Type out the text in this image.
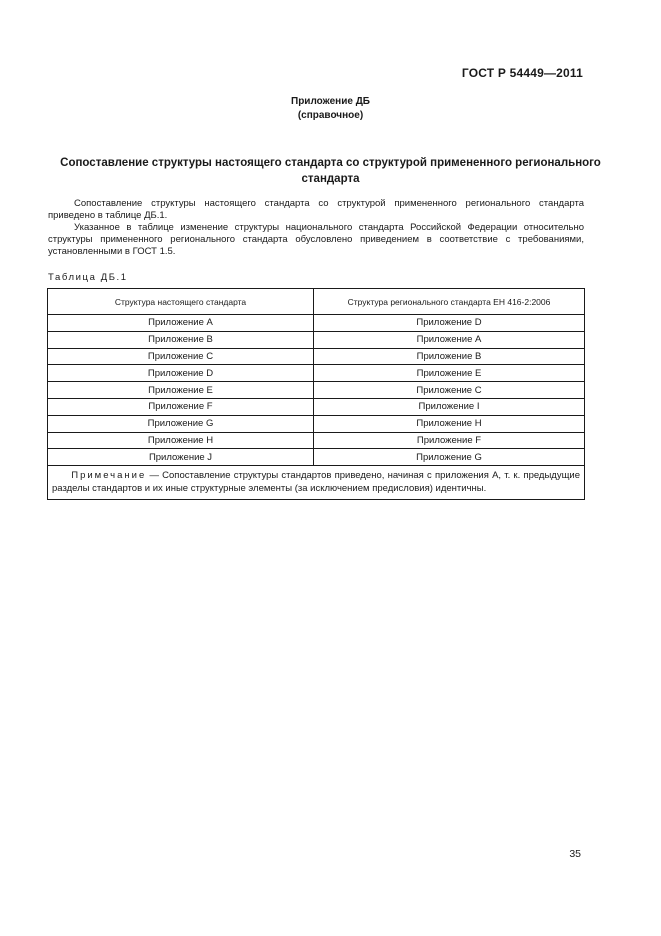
ГОСТ Р 54449—2011
Приложение ДБ
(справочное)
Сопоставление структуры настоящего стандарта со структурой примененного регионального стандарта
Сопоставление структуры настоящего стандарта со структурой примененного регионального стандарта приведено в таблице ДБ.1.
Указанное в таблице изменение структуры национального стандарта Российской Федерации относительно структуры примененного регионального стандарта обусловлено приведением в соответствие с требованиями, установленными в ГОСТ 1.5.
Таблица ДБ.1
Структура настоящего стандарта	Структура регионального стандарта ЕН 416-2:2006
Приложение А	Приложение D
Приложение В	Приложение А
Приложение С	Приложение В
Приложение D	Приложение Е
Приложение Е	Приложение С
Приложение F	Приложение I
Приложение G	Приложение Н
Приложение Н	Приложение F
Приложение J	Приложение G
Примечание — Сопоставление структуры стандартов приведено, начиная с приложения А, т. к. предыдущие разделы стандартов и их иные структурные элементы (за исключением предисловия) идентичны.	
35
